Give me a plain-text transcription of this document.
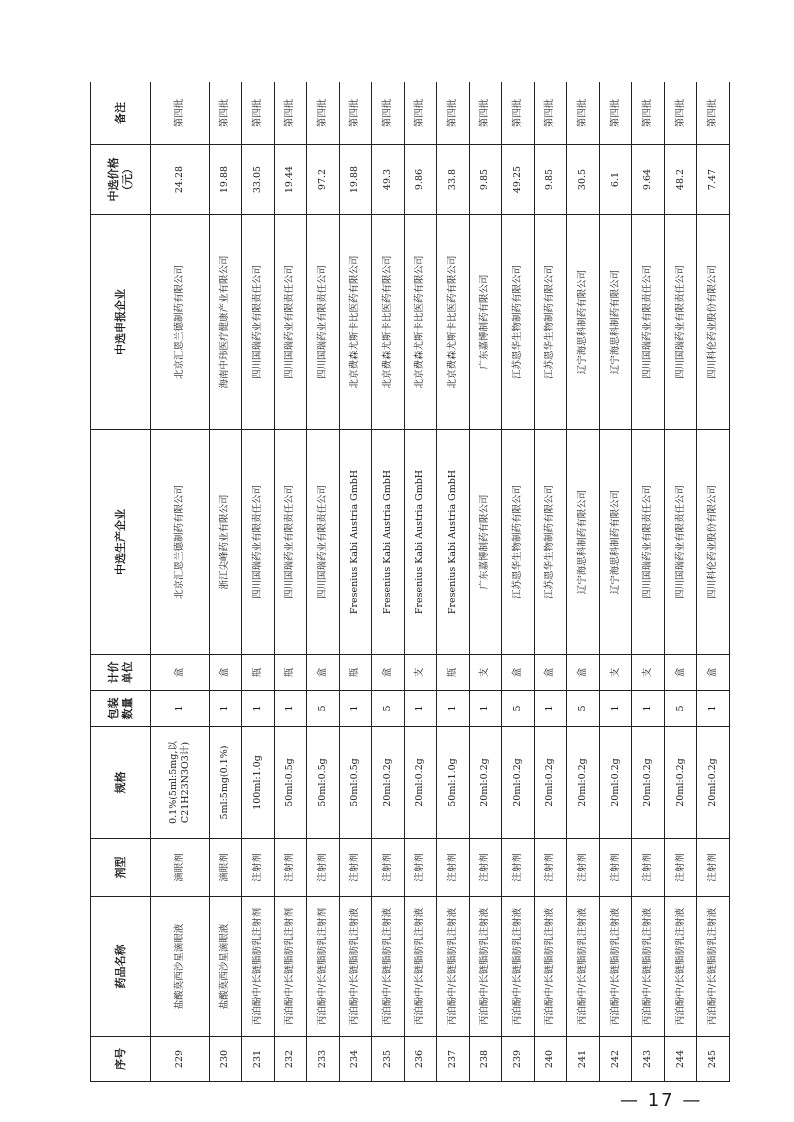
序号	药品名称	剂型	规格	包装数量	计价单位	中选生产企业	中选申报企业	中选价格（元）	备注
229	盐酸莫西沙星滴眼液	滴眼剂	0.1%(5ml:5mg,以C21H23N3O3计)	1	盒	北京汇恩兰德制药有限公司	北京汇恩兰德制药有限公司	24.28	第四批
230	盐酸莫西沙星滴眼液	滴眼剂	5ml:5mg(0.1%)	1	盒	浙江尖峰药业有限公司	海南中玮医疗健康产业有限公司	19.88	第四批
231	丙泊酚中/长链脂肪乳注射剂	注射剂	100ml:1.0g	1	瓶	四川国瑞药业有限责任公司	四川国瑞药业有限责任公司	33.05	第四批
232	丙泊酚中/长链脂肪乳注射剂	注射剂	50ml:0.5g	1	瓶	四川国瑞药业有限责任公司	四川国瑞药业有限责任公司	19.44	第四批
233	丙泊酚中/长链脂肪乳注射剂	注射剂	50ml:0.5g	5	盒	四川国瑞药业有限责任公司	四川国瑞药业有限责任公司	97.2	第四批
234	丙泊酚中/长链脂肪乳注射液	注射剂	50ml:0.5g	1	瓶	Fresenius Kabi Austria GmbH	北京费森尤斯卡比医药有限公司	19.88	第四批
235	丙泊酚中/长链脂肪乳注射液	注射剂	20ml:0.2g	5	盒	Fresenius Kabi Austria GmbH	北京费森尤斯卡比医药有限公司	49.3	第四批
236	丙泊酚中/长链脂肪乳注射液	注射剂	20ml:0.2g	1	支	Fresenius Kabi Austria GmbH	北京费森尤斯卡比医药有限公司	9.86	第四批
237	丙泊酚中/长链脂肪乳注射液	注射剂	50ml:1.0g	1	瓶	Fresenius Kabi Austria GmbH	北京费森尤斯卡比医药有限公司	33.8	第四批
238	丙泊酚中/长链脂肪乳注射液	注射剂	20ml:0.2g	1	支	广东嘉博制药有限公司	广东嘉博制药有限公司	9.85	第四批
239	丙泊酚中/长链脂肪乳注射液	注射剂	20ml:0.2g	5	盒	江苏恩华生物制药有限公司	江苏恩华生物制药有限公司	49.25	第四批
240	丙泊酚中/长链脂肪乳注射液	注射剂	20ml:0.2g	1	盒	江苏恩华生物制药有限公司	江苏恩华生物制药有限公司	9.85	第四批
241	丙泊酚中/长链脂肪乳注射液	注射剂	20ml:0.2g	5	盒	辽宁海思科制药有限公司	辽宁海思科制药有限公司	30.5	第四批
242	丙泊酚中/长链脂肪乳注射液	注射剂	20ml:0.2g	1	支	辽宁海思科制药有限公司	辽宁海思科制药有限公司	6.1	第四批
243	丙泊酚中/长链脂肪乳注射液	注射剂	20ml:0.2g	1	支	四川国瑞药业有限责任公司	四川国瑞药业有限责任公司	9.64	第四批
244	丙泊酚中/长链脂肪乳注射液	注射剂	20ml:0.2g	5	盒	四川国瑞药业有限责任公司	四川国瑞药业有限责任公司	48.2	第四批
245	丙泊酚中/长链脂肪乳注射液	注射剂	20ml:0.2g	1	盒	四川科伦药业股份有限公司	四川科伦药业股份有限公司	7.47	第四批
— 17 —
